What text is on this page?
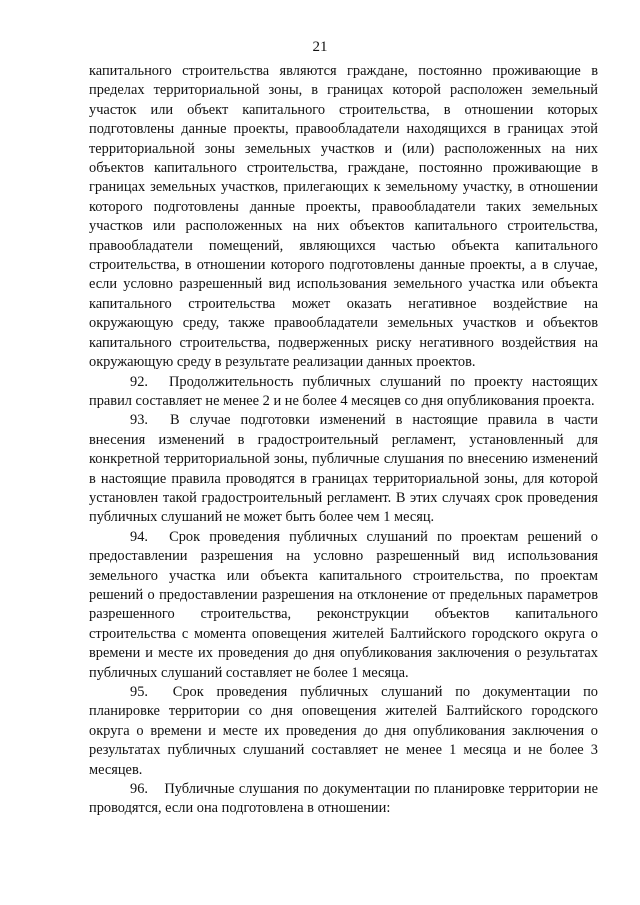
21

капитального строительства являются граждане, постоянно проживающие в пределах территориальной зоны, в границах которой расположен земельный участок или объект капитального строительства, в отношении которых подготовлены данные проекты, правообладатели находящихся в границах этой территориальной зоны земельных участков и (или) расположенных на них объектов капитального строительства, граждане, постоянно проживающие в границах земельных участков, прилегающих к земельному участку, в отношении которого подготовлены данные проекты, правообладатели таких земельных участков или расположенных на них объектов капитального строительства, правообладатели помещений, являющихся частью объекта капитального строительства, в отношении которого подготовлены данные проекты, а в случае, если условно разрешенный вид использования земельного участка или объекта капитального строительства может оказать негативное воздействие на окружающую среду, также правообладатели земельных участков и объектов капитального строительства, подверженных риску негативного воздействия на окружающую среду в результате реализации данных проектов.

92. Продолжительность публичных слушаний по проекту настоящих правил составляет не менее 2 и не более 4 месяцев со дня опубликования проекта.

93. В случае подготовки изменений в настоящие правила в части внесения изменений в градостроительный регламент, установленный для конкретной территориальной зоны, публичные слушания по внесению изменений в настоящие правила проводятся в границах территориальной зоны, для которой установлен такой градостроительный регламент. В этих случаях срок проведения публичных слушаний не может быть более чем 1 месяц.

94. Срок проведения публичных слушаний по проектам решений о предоставлении разрешения на условно разрешенный вид использования земельного участка или объекта капитального строительства, по проектам решений о предоставлении разрешения на отклонение от предельных параметров разрешенного строительства, реконструкции объектов капитального строительства с момента оповещения жителей Балтийского городского округа о времени и месте их проведения до дня опубликования заключения о результатах публичных слушаний составляет не более 1 месяца.

95. Срок проведения публичных слушаний по документации по планировке территории со дня оповещения жителей Балтийского городского округа о времени и месте их проведения до дня опубликования заключения о результатах публичных слушаний составляет не менее 1 месяца и не более 3 месяцев.

96. Публичные слушания по документации по планировке территории не проводятся, если она подготовлена в отношении:
